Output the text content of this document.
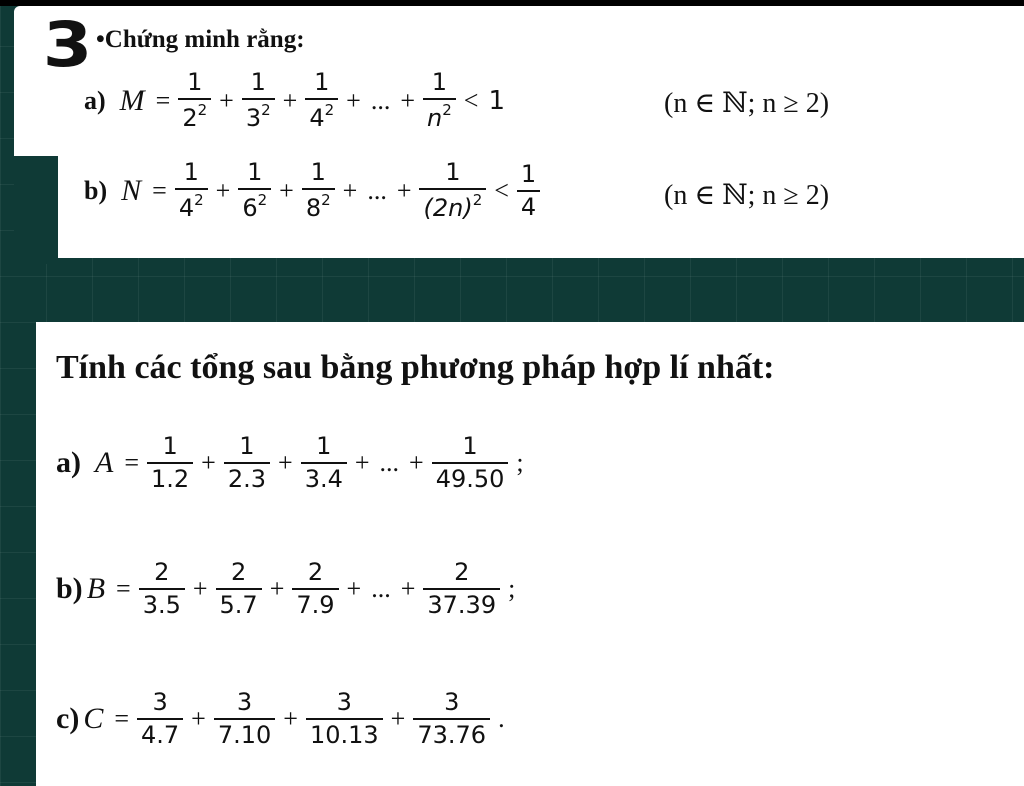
3 •Chứng minh rằng:
a) $M = \frac{1}{2^2} + \frac{1}{3^2} + \frac{1}{4^2}$ + ... + $\frac{1}{n^2} < 1$	(n ∈ ℕ; n ≥ 2)
b) $N = \frac{1}{4^2} + \frac{1}{6^2} + \frac{1}{8^2}$ + ... + $\frac{1}{(2n)^2} < \frac{1}{4}$	(n ∈ ℕ; n ≥ 2)
Tính các tổng sau bằng phương pháp hợp lí nhất:
a) $A = \frac{1}{1.2} + \frac{1}{2.3} + \frac{1}{3.4}$ + ... + $\frac{1}{49.50}$ ;
b) $B = \frac{2}{3.5} + \frac{2}{5.7} + \frac{2}{7.9}$ + ... + $\frac{2}{37.39}$ ;
c) $C = \frac{3}{4.7} + \frac{3}{7.10} + \frac{3}{10.13} + \frac{3}{73.76}$ .
